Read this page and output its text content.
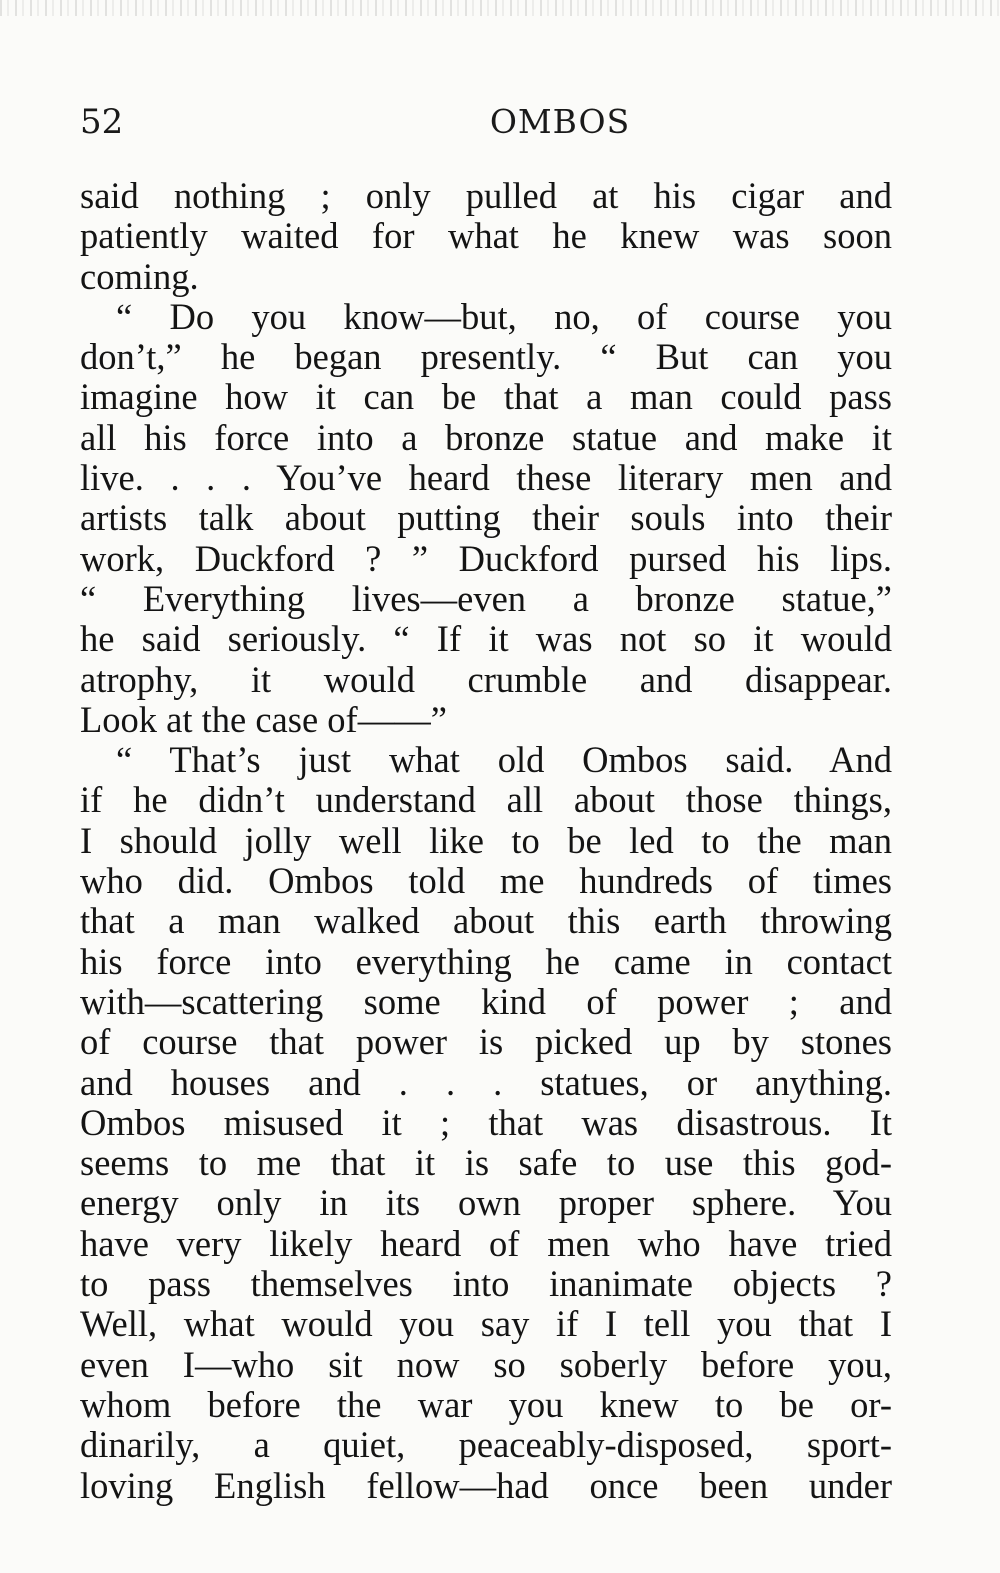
52	OMBOS
said nothing ; only pulled at his cigar and
patiently waited for what he knew was soon
coming.
“ Do you know—but, no, of course you
don’t,” he began presently. “ But can you
imagine how it can be that a man could pass
all his force into a bronze statue and make it
live. . . . You’ve heard these literary men and
artists talk about putting their souls into their
work, Duckford ? ” Duckford pursed his lips.
“ Everything lives—even a bronze statue,”
he said seriously. “ If it was not so it would
atrophy, it would crumble and disappear.
Look at the case of——”
“ That’s just what old Ombos said. And
if he didn’t understand all about those things,
I should jolly well like to be led to the man
who did. Ombos told me hundreds of times
that a man walked about this earth throwing
his force into everything he came in contact
with—scattering some kind of power ; and
of course that power is picked up by stones
and houses and . . . statues, or anything.
Ombos misused it ; that was disastrous. It
seems to me that it is safe to use this god-
energy only in its own proper sphere. You
have very likely heard of men who have tried
to pass themselves into inanimate objects ?
Well, what would you say if I tell you that I
even I—who sit now so soberly before you,
whom before the war you knew to be or-
dinarily, a quiet, peaceably-disposed, sport-
loving English fellow—had once been under
